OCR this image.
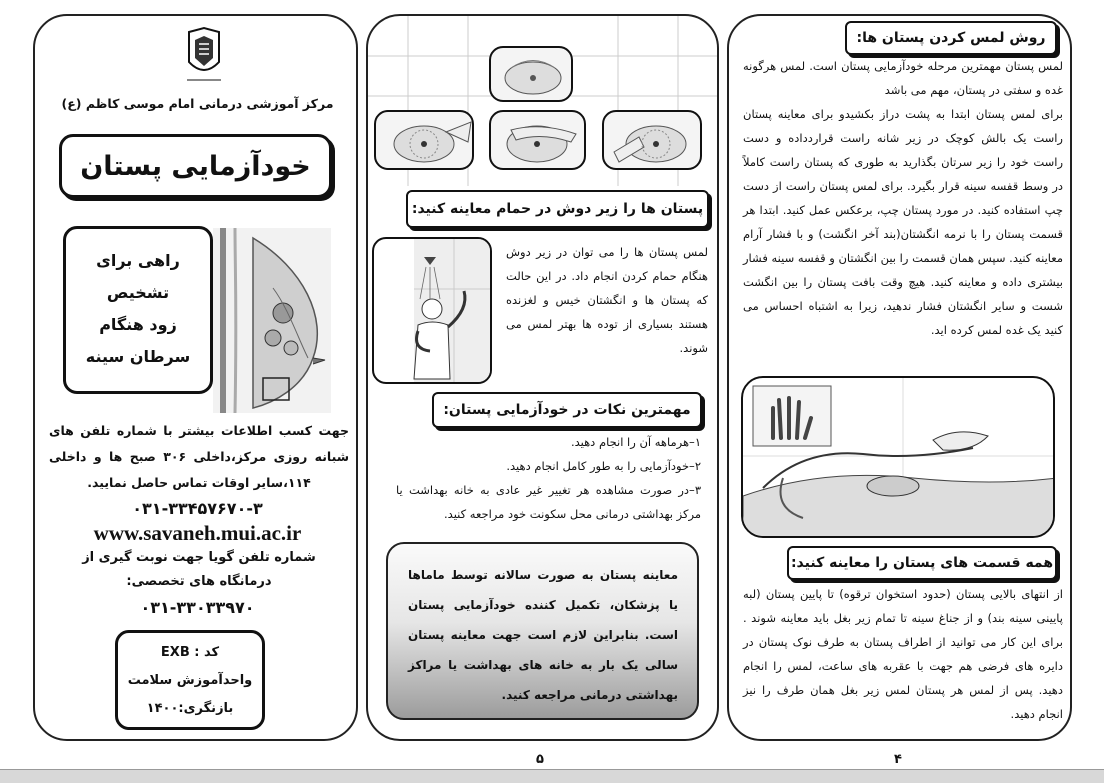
مرکز آموزشی درمانی امام موسی کاظم (ع)
خودآزمایی پستان
راهی برای
تشخیص
زود هنگام
سرطان سینه

جهت کسب اطلاعات بیشتر با شماره تلفن های شبانه روزی مرکز،داخلی ۳۰۶ صبح ها و داخلی ۱۱۴،سایر اوقات تماس حاصل نمایید.

۰۳۱-۳۳۴۵۷۶۷۰-۳
www.savaneh.mui.ac.ir

شماره تلفن گویا جهت نوبت گیری از درمانگاه های تخصصی:

۰۳۱-۳۳۰۳۳۹۷۰
کد : EXB
واحدآموزش سلامت
بازنگری:۱۴۰۰
پستان ها را زیر دوش در حمام معاینه کنید:

لمس پستان ها را می توان در زیر دوش هنگام حمام کردن انجام داد. در این حالت که پستان ها و انگشتان خیس و لغزنده هستند بسیاری از توده ها بهتر لمس می شوند.

مهمترین نکات در خودآزمایی پستان:
۱–هرماهه آن را انجام دهید.
۲–خودآزمایی را به طور کامل انجام دهید.
۳–در صورت مشاهده هر تغییر غیر عادی به خانه بهداشت یا مرکز بهداشتی درمانی محل سکونت خود مراجعه کنید.

معاینه پستان به صورت سالانه توسط ماماها یا پزشکان، تکمیل کننده خودآزمایی پستان است. بنابراین لازم است جهت معاینه پستان سالی یک بار به خانه های بهداشت یا مراکز بهداشتی درمانی مراجعه کنید.

روش لمس کردن پستان ها:

لمس پستان مهمترین مرحله خودآزمایی پستان است. لمس هرگونه غده و سفتی در پستان، مهم می باشد

برای لمس پستان ابتدا به پشت دراز بکشیدو برای معاینه پستان راست یک بالش کوچک در زیر شانه راست قراردداده و دست راست خود را زیر سرتان بگذارید به طوری که پستان راست کاملاً در وسط قفسه سینه قرار بگیرد. برای لمس پستان راست از دست چپ استفاده کنید. در مورد پستان چپ، برعکس عمل کنید. ابتدا هر قسمت پستان را با نرمه انگشتان(بند آخر انگشت) و با فشار آرام معاینه کنید. سپس همان قسمت را بین انگشتان و قفسه سینه فشار بیشتری داده و معاینه کنید. هیچ وقت بافت پستان را بین انگشت شست و سایر انگشتان فشار ندهید، زیرا به اشتباه احساس می کنید یک غده لمس کرده اید.

همه قسمت های پستان را معاینه کنید:

از انتهای بالایی پستان (حدود استخوان ترقوه) تا پایین پستان (لبه پایینی سینه بند) و از جناغ سینه تا تمام زیر بغل باید معاینه شوند . برای این کار می توانید از اطراف پستان به طرف نوک پستان در دایره های فرضی هم جهت با عقربه های ساعت، لمس را انجام دهید. پس از لمس هر پستان لمس زیر بغل همان طرف را نیز انجام دهید.

۵	۴
